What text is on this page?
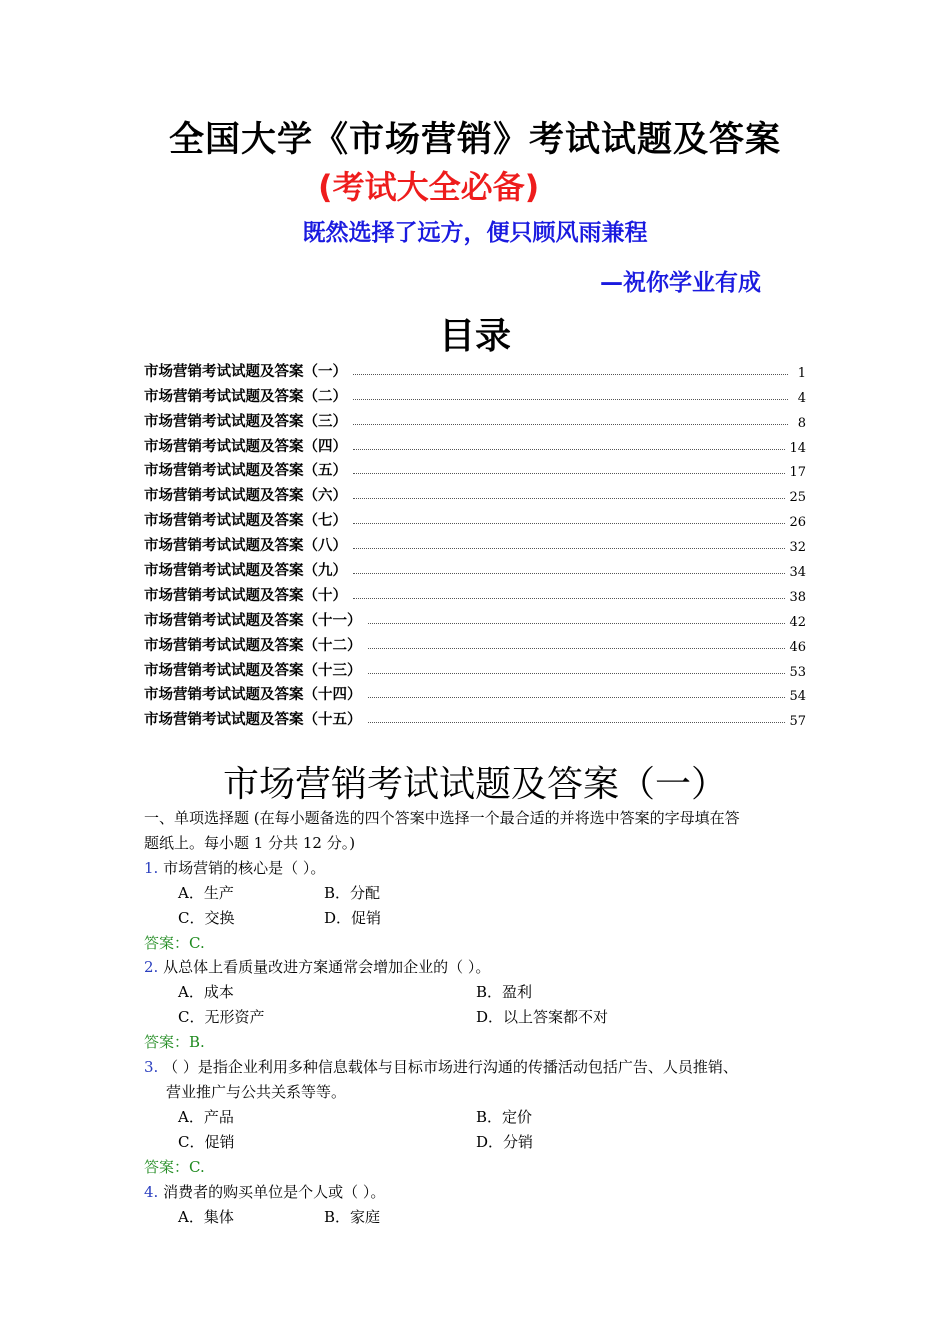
全国大学《市场营销》考试试题及答案
(考试大全必备)
既然选择了远方，便只顾风雨兼程
—祝你学业有成
目录
市场营销考试试题及答案（一）	1
市场营销考试试题及答案（二）	4
市场营销考试试题及答案（三）	8
市场营销考试试题及答案（四）	14
市场营销考试试题及答案（五）	17
市场营销考试试题及答案（六）	25
市场营销考试试题及答案（七）	26
市场营销考试试题及答案（八）	32
市场营销考试试题及答案（九）	34
市场营销考试试题及答案（十）	38
市场营销考试试题及答案（十一）	42
市场营销考试试题及答案（十二）	46
市场营销考试试题及答案（十三）	53
市场营销考试试题及答案（十四）	54
市场营销考试试题及答案（十五）	57
市场营销考试试题及答案（一）

一、单项选择题 (在每小题备选的四个答案中选择一个最合适的并将选中答案的字母填在答

题纸上。每小题 1 分共 12 分。)

1. 市场营销的核心是（ ）。

A．生产	B．分配
C．交换	D．促销

答案：C.

2. 从总体上看质量改进方案通常会增加企业的（ ）。

A．成本	B．盈利
C．无形资产	D．以上答案都不对

答案：B.

3. （ ）是指企业利用多种信息载体与目标市场进行沟通的传播活动包括广告、人员推销、

营业推广与公共关系等等。

A．产品	B．定价
C．促销	D．分销

答案：C.

4. 消费者的购买单位是个人或（ ）。

A．集体	B．家庭
